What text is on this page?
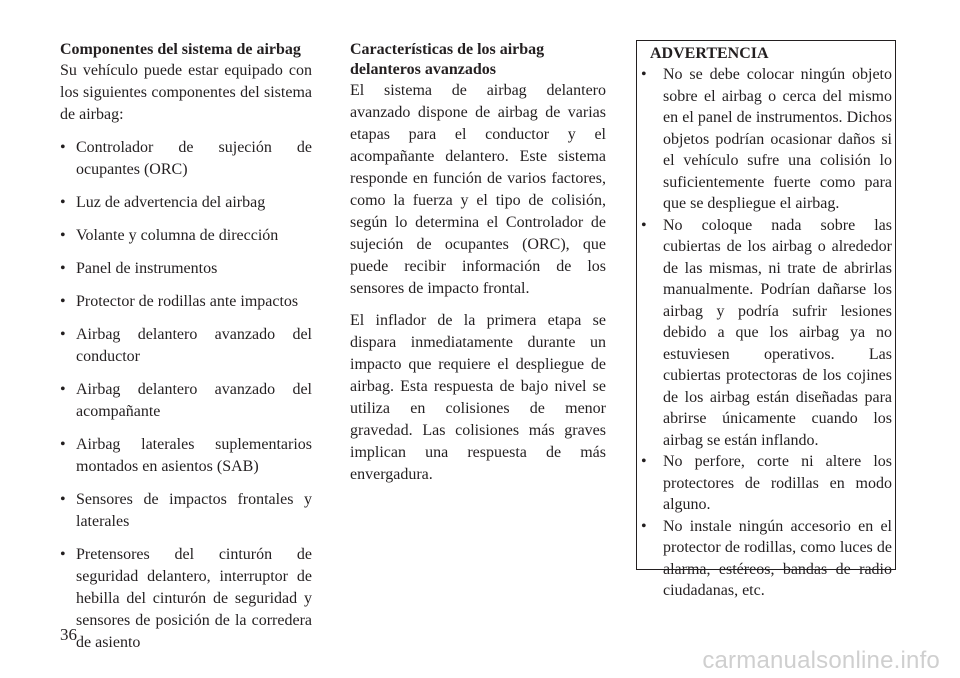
Componentes del sistema de airbag

Su vehículo puede estar equipado con los siguientes componentes del sistema de airbag:

• Controlador de sujeción de ocupantes (ORC)
• Luz de advertencia del airbag
• Volante y columna de dirección
• Panel de instrumentos
• Protector de rodillas ante impactos
• Airbag delantero avanzado del conductor
• Airbag delantero avanzado del acompañante
• Airbag laterales suplementarios montados en asientos (SAB)
• Sensores de impactos frontales y laterales
• Pretensores del cinturón de seguridad delantero, interruptor de hebilla del cinturón de seguridad y sensores de posición de la corredera de asiento
Características de los airbag delanteros avanzados

El sistema de airbag delantero avanzado dispone de airbag de varias etapas para el conductor y el acompañante delantero. Este sistema responde en función de varios factores, como la fuerza y el tipo de colisión, según lo determina el Controlador de sujeción de ocupantes (ORC), que puede recibir información de los sensores de impacto frontal.

El inflador de la primera etapa se dispara inmediatamente durante un impacto que requiere el despliegue de airbag. Esta respuesta de bajo nivel se utiliza en colisiones de menor gravedad. Las colisiones más graves implican una respuesta de más envergadura.

ADVERTENCIA
• No se debe colocar ningún objeto sobre el airbag o cerca del mismo en el panel de instrumentos. Dichos objetos podrían ocasionar daños si el vehículo sufre una colisión lo suficientemente fuerte como para que se despliegue el airbag.
• No coloque nada sobre las cubiertas de los airbag o alrededor de las mismas, ni trate de abrirlas manualmente. Podrían dañarse los airbag y podría sufrir lesiones debido a que los airbag ya no estuviesen operativos. Las cubiertas protectoras de los cojines de los airbag están diseñadas para abrirse únicamente cuando los airbag se están inflando.
• No perfore, corte ni altere los protectores de rodillas en modo alguno.
• No instale ningún accesorio en el protector de rodillas, como luces de alarma, estéreos, bandas de radio ciudadanas, etc.
36
carmanualsonline.info
